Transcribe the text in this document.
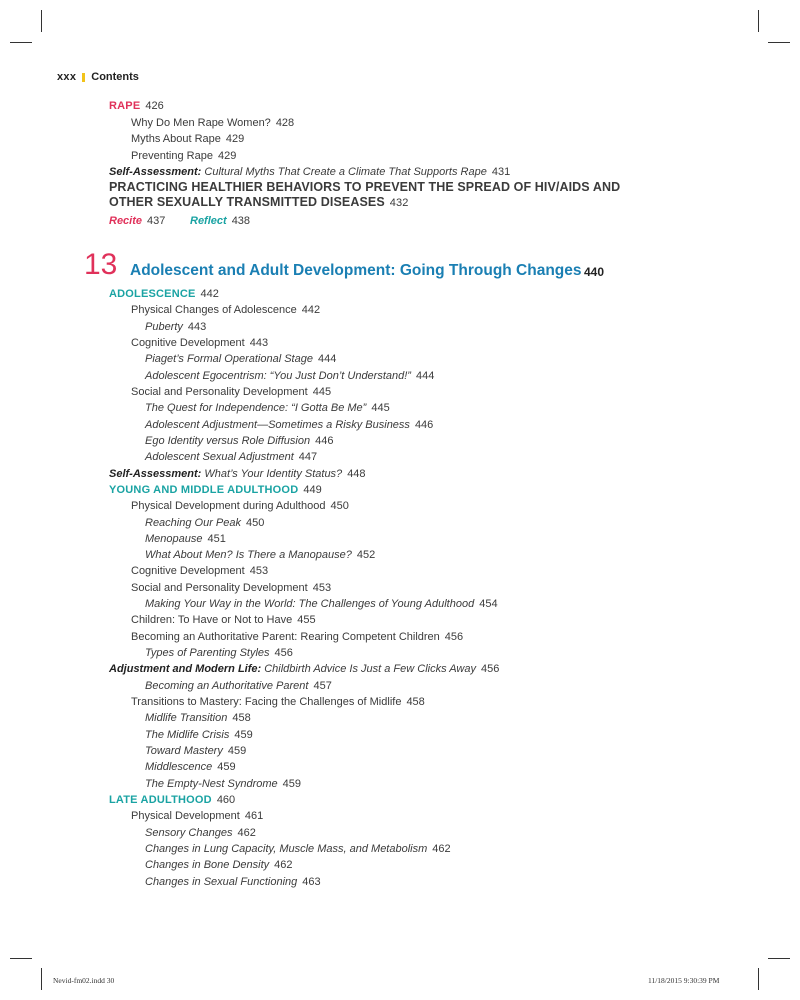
xxx Contents
RAPE 426
Why Do Men Rape Women? 428
Myths About Rape 429
Preventing Rape 429
Self-Assessment: Cultural Myths That Create a Climate That Supports Rape 431
PRACTICING HEALTHIER BEHAVIORS TO PREVENT THE SPREAD OF HIV/AIDS AND
OTHER SEXUALLY TRANSMITTED DISEASES 432
Recite 437 Reflect 438
13 Adolescent and Adult Development: Going Through Changes 440
ADOLESCENCE 442
Physical Changes of Adolescence 442
Puberty 443
Cognitive Development 443
Piaget’s Formal Operational Stage 444
Adolescent Egocentrism: “You Just Don’t Understand!” 444
Social and Personality Development 445
The Quest for Independence: “I Gotta Be Me” 445
Adolescent Adjustment—Sometimes a Risky Business 446
Ego Identity versus Role Diffusion 446
Adolescent Sexual Adjustment 447
Self-Assessment: What’s Your Identity Status? 448
YOUNG AND MIDDLE ADULTHOOD 449
Physical Development during Adulthood 450
Reaching Our Peak 450
Menopause 451
What About Men? Is There a Manopause? 452
Cognitive Development 453
Social and Personality Development 453
Making Your Way in the World: The Challenges of Young Adulthood 454
Children: To Have or Not to Have 455
Becoming an Authoritative Parent: Rearing Competent Children 456
Types of Parenting Styles 456
Adjustment and Modern Life: Childbirth Advice Is Just a Few Clicks Away 456
Becoming an Authoritative Parent 457
Transitions to Mastery: Facing the Challenges of Midlife 458
Midlife Transition 458
The Midlife Crisis 459
Toward Mastery 459
Middlescence 459
The Empty-Nest Syndrome 459
LATE ADULTHOOD 460
Physical Development 461
Sensory Changes 462
Changes in Lung Capacity, Muscle Mass, and Metabolism 462
Changes in Bone Density 462
Changes in Sexual Functioning 463
Nevid-fm02.indd 30	11/18/2015 9:30:39 PM
